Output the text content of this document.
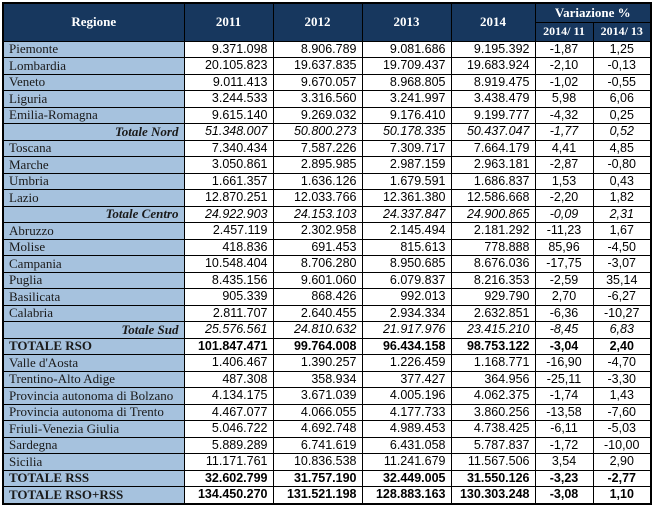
Regione	2011	2012	2013	2014	Variazione %	
					2014/ 11	2014/ 13
Piemonte	9.371.098	8.906.789	9.081.686	9.195.392	-1,87	1,25
Lombardia	20.105.823	19.637.835	19.709.437	19.683.924	-2,10	-0,13
Veneto	9.011.413	9.670.057	8.968.805	8.919.475	-1,02	-0,55
Liguria	3.244.533	3.316.560	3.241.997	3.438.479	5,98	6,06
Emilia-Romagna	9.615.140	9.269.032	9.176.410	9.199.777	-4,32	0,25
Totale Nord	51.348.007	50.800.273	50.178.335	50.437.047	-1,77	0,52
Toscana	7.340.434	7.587.226	7.309.717	7.664.179	4,41	4,85
Marche	3.050.861	2.895.985	2.987.159	2.963.181	-2,87	-0,80
Umbria	1.661.357	1.636.126	1.679.591	1.686.837	1,53	0,43
Lazio	12.870.251	12.033.766	12.361.380	12.586.668	-2,20	1,82
Totale Centro	24.922.903	24.153.103	24.337.847	24.900.865	-0,09	2,31
Abruzzo	2.457.119	2.302.958	2.145.494	2.181.292	-11,23	1,67
Molise	418.836	691.453	815.613	778.888	85,96	-4,50
Campania	10.548.404	8.706.280	8.950.685	8.676.036	-17,75	-3,07
Puglia	8.435.156	9.601.060	6.079.837	8.216.353	-2,59	35,14
Basilicata	905.339	868.426	992.013	929.790	2,70	-6,27
Calabria	2.811.707	2.640.455	2.934.334	2.632.851	-6,36	-10,27
Totale Sud	25.576.561	24.810.632	21.917.976	23.415.210	-8,45	6,83
TOTALE RSO	101.847.471	99.764.008	96.434.158	98.753.122	-3,04	2,40
Valle d'Aosta	1.406.467	1.390.257	1.226.459	1.168.771	-16,90	-4,70
Trentino-Alto Adige	487.308	358.934	377.427	364.956	-25,11	-3,30
Provincia autonoma di Bolzano	4.134.175	3.671.039	4.005.196	4.062.375	-1,74	1,43
Provincia autonoma di Trento	4.467.077	4.066.055	4.177.733	3.860.256	-13,58	-7,60
Friuli-Venezia Giulia	5.046.722	4.692.748	4.989.453	4.738.425	-6,11	-5,03
Sardegna	5.889.289	6.741.619	6.431.058	5.787.837	-1,72	-10,00
Sicilia	11.171.761	10.836.538	11.241.679	11.567.506	3,54	2,90
TOTALE RSS	32.602.799	31.757.190	32.449.005	31.550.126	-3,23	-2,77
TOTALE RSO+RSS	134.450.270	131.521.198	128.883.163	130.303.248	-3,08	1,10
